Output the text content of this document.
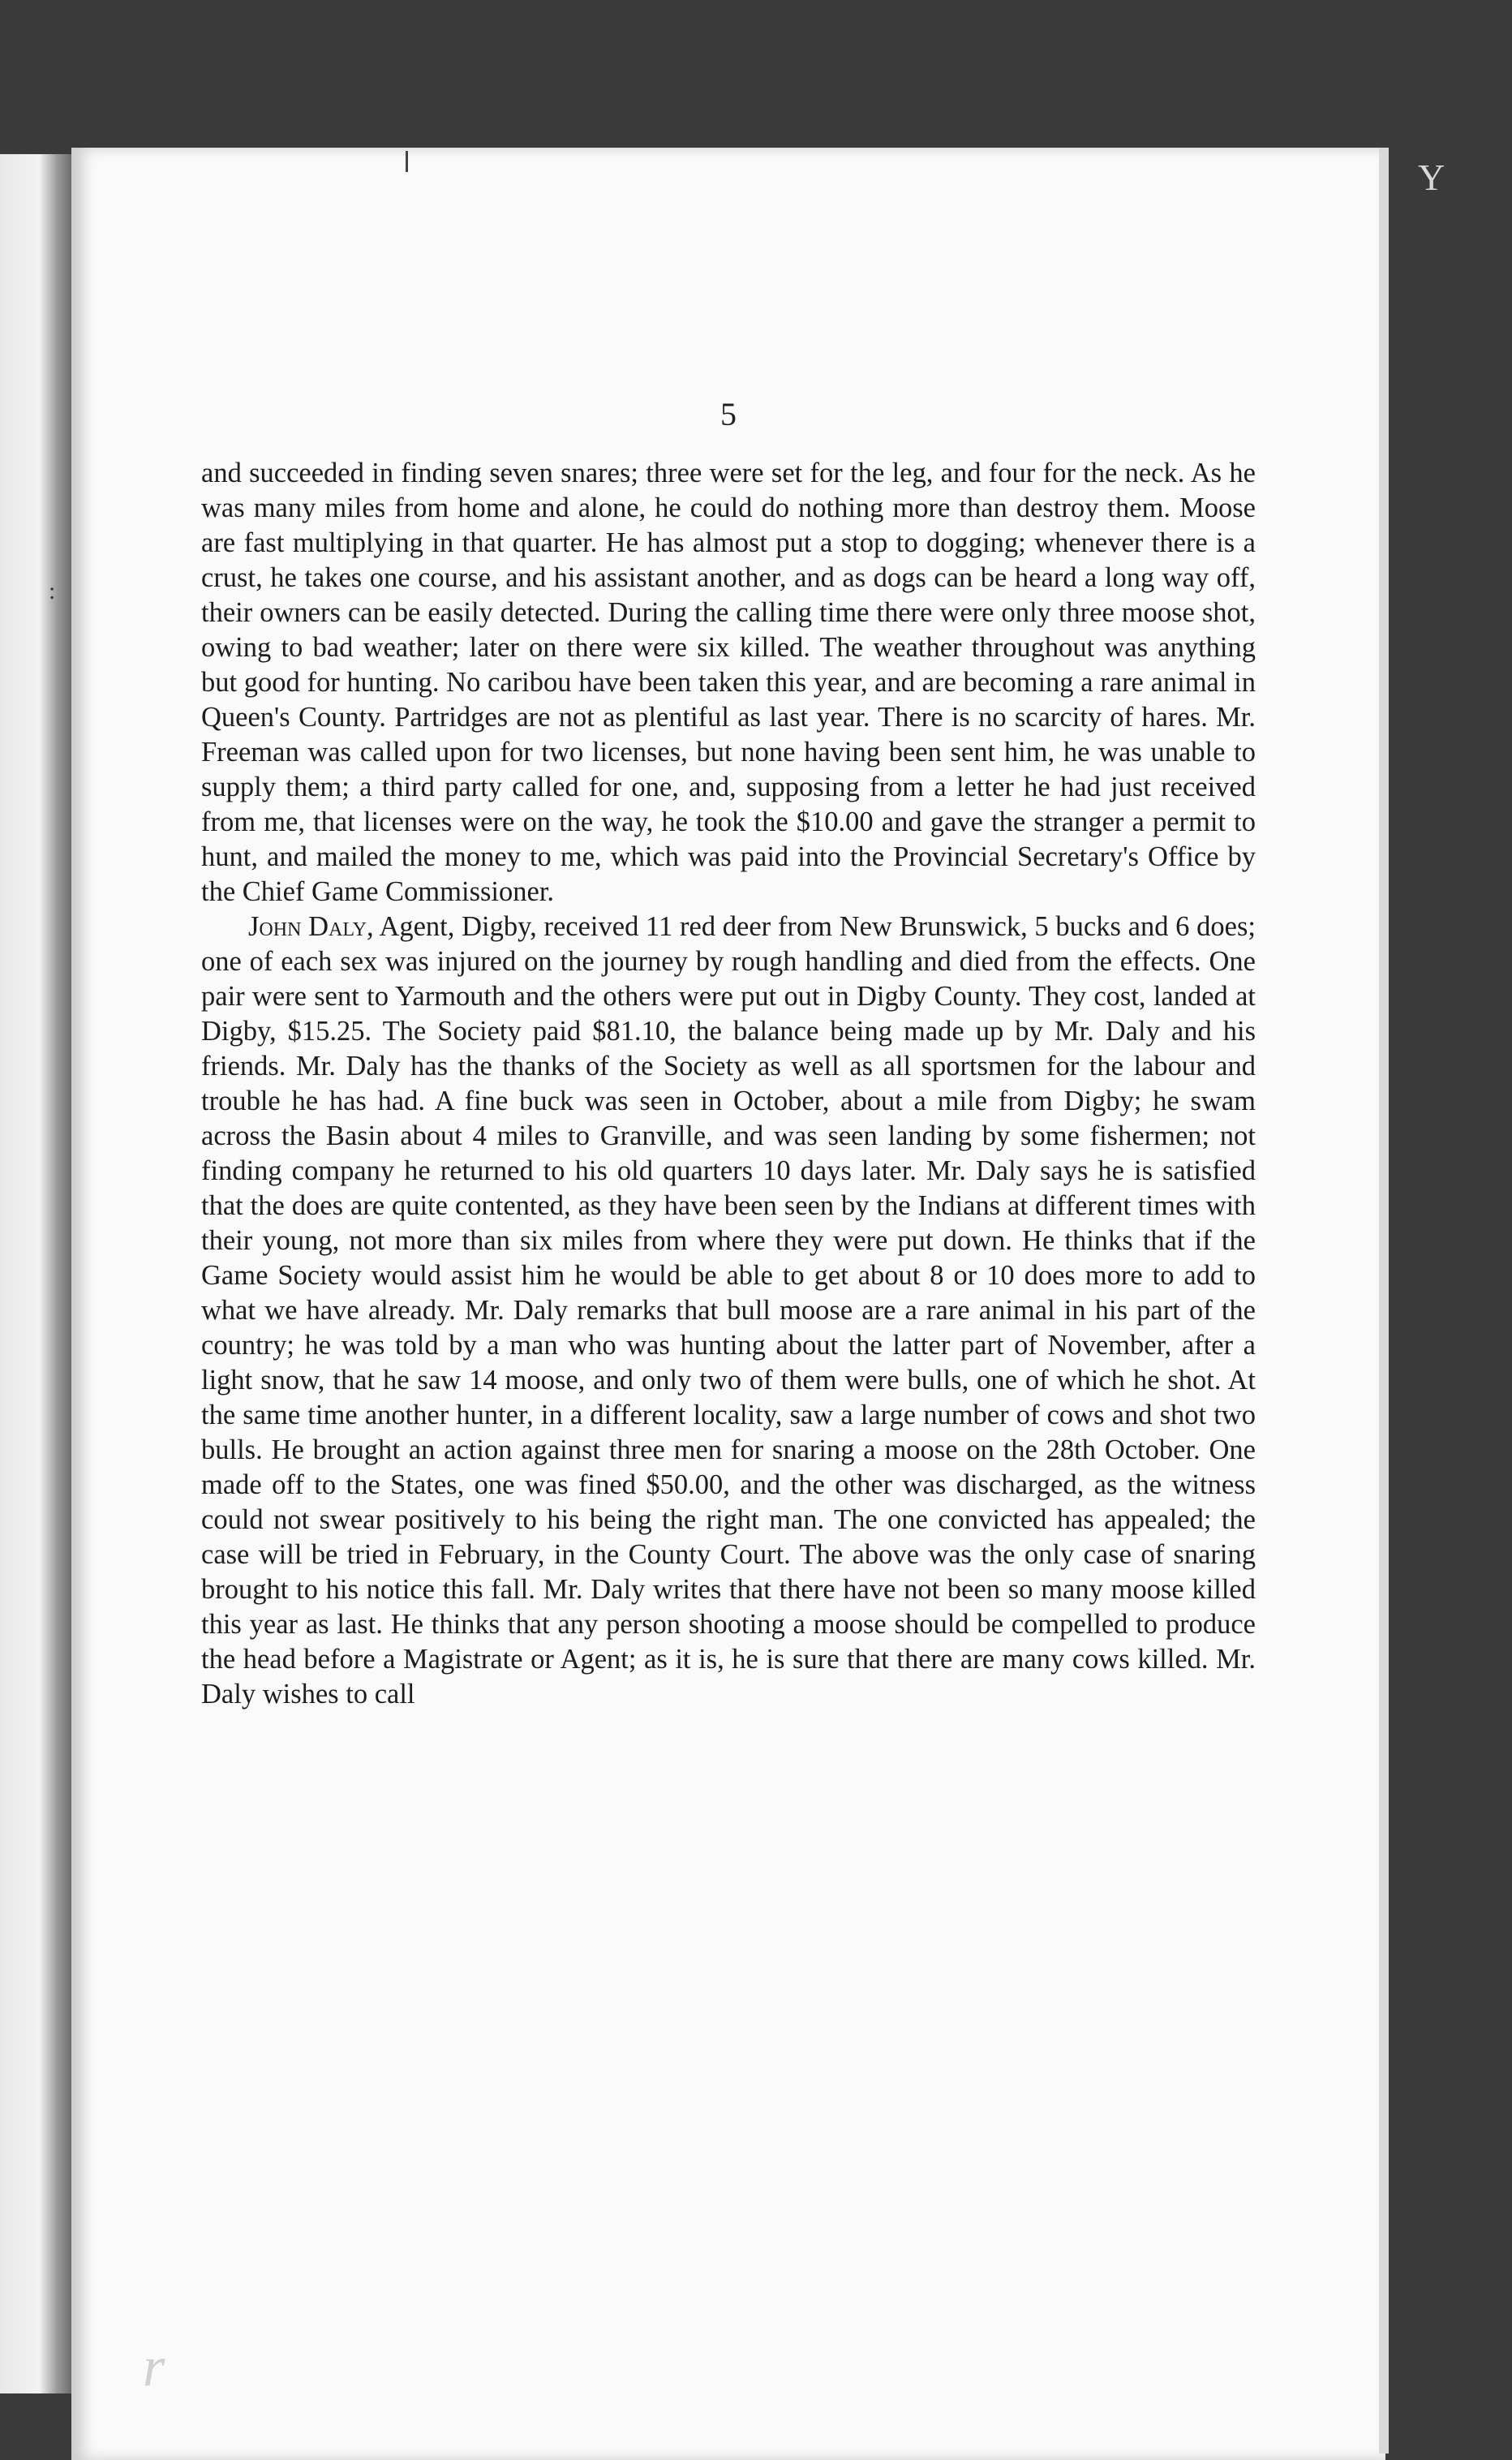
5

and succeeded in finding seven snares; three were set for the leg, and four for the neck. As he was many miles from home and alone, he could do nothing more than destroy them. Moose are fast multiplying in that quarter. He has almost put a stop to dogging; whenever there is a crust, he takes one course, and his assistant another, and as dogs can be heard a long way off, their owners can be easily detected. During the calling time there were only three moose shot, owing to bad weather; later on there were six killed. The weather throughout was anything but good for hunting. No caribou have been taken this year, and are becoming a rare animal in Queen's County. Partridges are not as plentiful as last year. There is no scarcity of hares. Mr. Freeman was called upon for two licenses, but none having been sent him, he was unable to supply them; a third party called for one, and, supposing from a letter he had just received from me, that licenses were on the way, he took the $10.00 and gave the stranger a permit to hunt, and mailed the money to me, which was paid into the Provincial Secretary's Office by the Chief Game Commissioner.

John Daly, Agent, Digby, received 11 red deer from New Brunswick, 5 bucks and 6 does; one of each sex was injured on the journey by rough handling and died from the effects. One pair were sent to Yarmouth and the others were put out in Digby County. They cost, landed at Digby, $15.25. The Society paid $81.10, the balance being made up by Mr. Daly and his friends. Mr. Daly has the thanks of the Society as well as all sportsmen for the labour and trouble he has had. A fine buck was seen in October, about a mile from Digby; he swam across the Basin about 4 miles to Granville, and was seen landing by some fishermen; not finding company he returned to his old quarters 10 days later. Mr. Daly says he is satisfied that the does are quite contented, as they have been seen by the Indians at different times with their young, not more than six miles from where they were put down. He thinks that if the Game Society would assist him he would be able to get about 8 or 10 does more to add to what we have already. Mr. Daly remarks that bull moose are a rare animal in his part of the country; he was told by a man who was hunting about the latter part of November, after a light snow, that he saw 14 moose, and only two of them were bulls, one of which he shot. At the same time another hunter, in a different locality, saw a large number of cows and shot two bulls. He brought an action against three men for snaring a moose on the 28th October. One made off to the States, one was fined $50.00, and the other was discharged, as the witness could not swear positively to his being the right man. The one convicted has appealed; the case will be tried in February, in the County Court. The above was the only case of snaring brought to his notice this fall. Mr. Daly writes that there have not been so many moose killed this year as last. He thinks that any person shooting a moose should be compelled to produce the head before a Magistrate or Agent; as it is, he is sure that there are many cows killed. Mr. Daly wishes to call

Y
r
:
